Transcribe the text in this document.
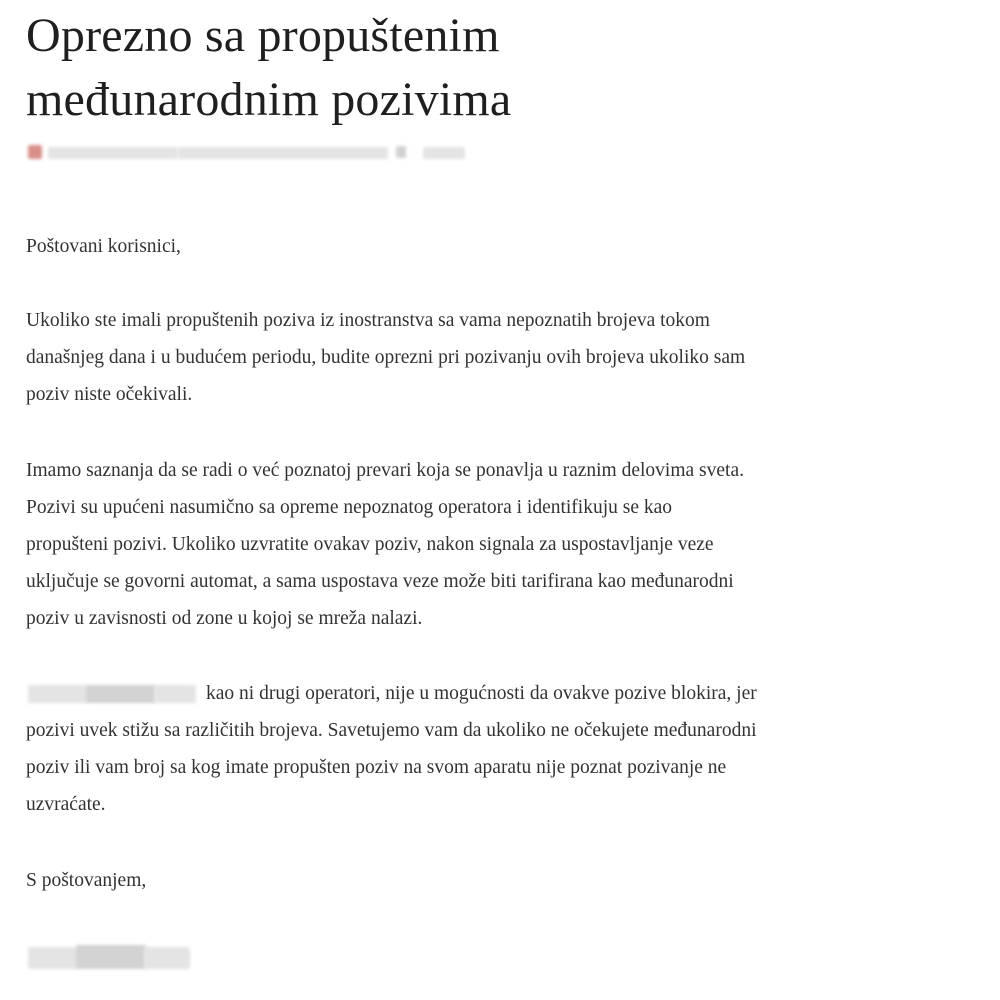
Oprezno sa propuštenim
međunarodnim pozivima

Poštovani korisnici,

Ukoliko ste imali propuštenih poziva iz inostranstva sa vama nepoznatih brojeva tokom
današnjeg dana i u budućem periodu, budite oprezni pri pozivanju ovih brojeva ukoliko sam
poziv niste očekivali.

Imamo saznanja da se radi o već poznatoj prevari koja se ponavlja u raznim delovima sveta.
Pozivi su upućeni nasumično sa opreme nepoznatog operatora i identifikuju se kao
propušteni pozivi. Ukoliko uzvratite ovakav poziv, nakon signala za uspostavljanje veze
uključuje se govorni automat, a sama uspostava veze može biti tarifirana kao međunarodni
poziv u zavisnosti od zone u kojoj se mreža nalazi.

kao ni drugi operatori, nije u mogućnosti da ovakve pozive blokira, jer
pozivi uvek stižu sa različitih brojeva. Savetujemo vam da ukoliko ne očekujete međunarodni
poziv ili vam broj sa kog imate propušten poziv na svom aparatu nije poznat pozivanje ne
uzvraćate.

S poštovanjem,
